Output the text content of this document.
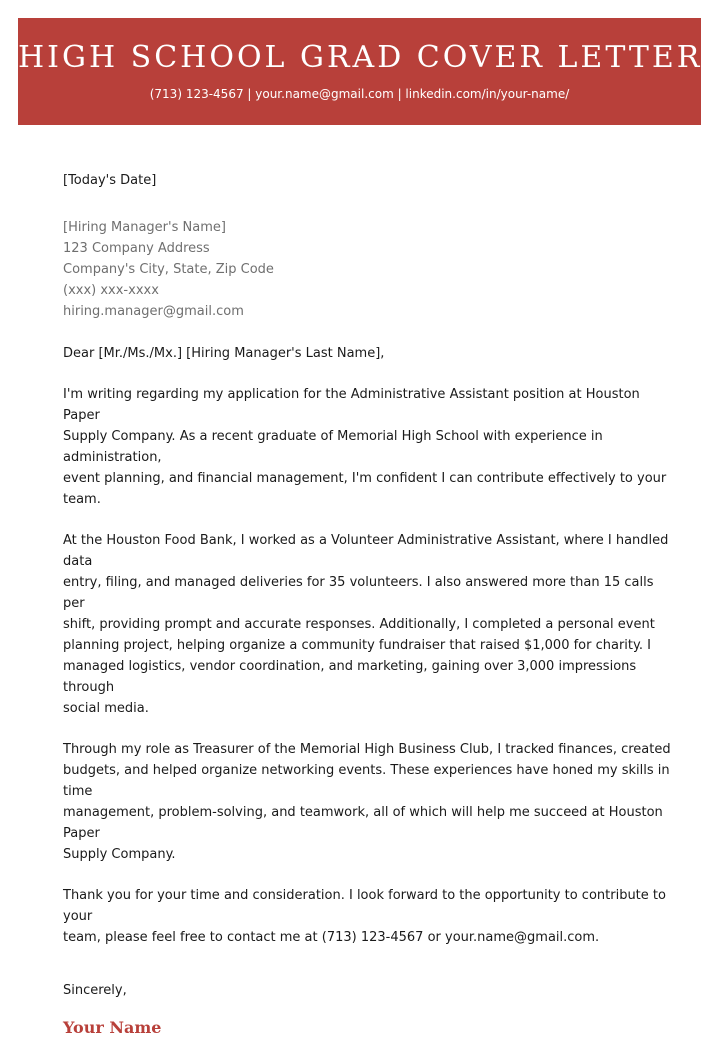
HIGH SCHOOL GRAD COVER LETTER
(713) 123-4567 | your.name@gmail.com | linkedin.com/in/your-name/
[Today's Date]
[Hiring Manager's Name]
123 Company Address
Company's City, State, Zip Code
(xxx) xxx-xxxx
hiring.manager@gmail.com
Dear [Mr./Ms./Mx.] [Hiring Manager's Last Name],
I'm writing regarding my application for the Administrative Assistant position at Houston Paper
Supply Company. As a recent graduate of Memorial High School with experience in administration,
event planning, and financial management, I'm confident I can contribute effectively to your team.
At the Houston Food Bank, I worked as a Volunteer Administrative Assistant, where I handled data
entry, filing, and managed deliveries for 35 volunteers. I also answered more than 15 calls per
shift, providing prompt and accurate responses. Additionally, I completed a personal event
planning project, helping organize a community fundraiser that raised $1,000 for charity. I
managed logistics, vendor coordination, and marketing, gaining over 3,000 impressions through
social media.
Through my role as Treasurer of the Memorial High Business Club, I tracked finances, created
budgets, and helped organize networking events. These experiences have honed my skills in time
management, problem-solving, and teamwork, all of which will help me succeed at Houston Paper
Supply Company.
Thank you for your time and consideration. I look forward to the opportunity to contribute to your
team, please feel free to contact me at (713) 123-4567 or your.name@gmail.com.
Sincerely,
Your Name
